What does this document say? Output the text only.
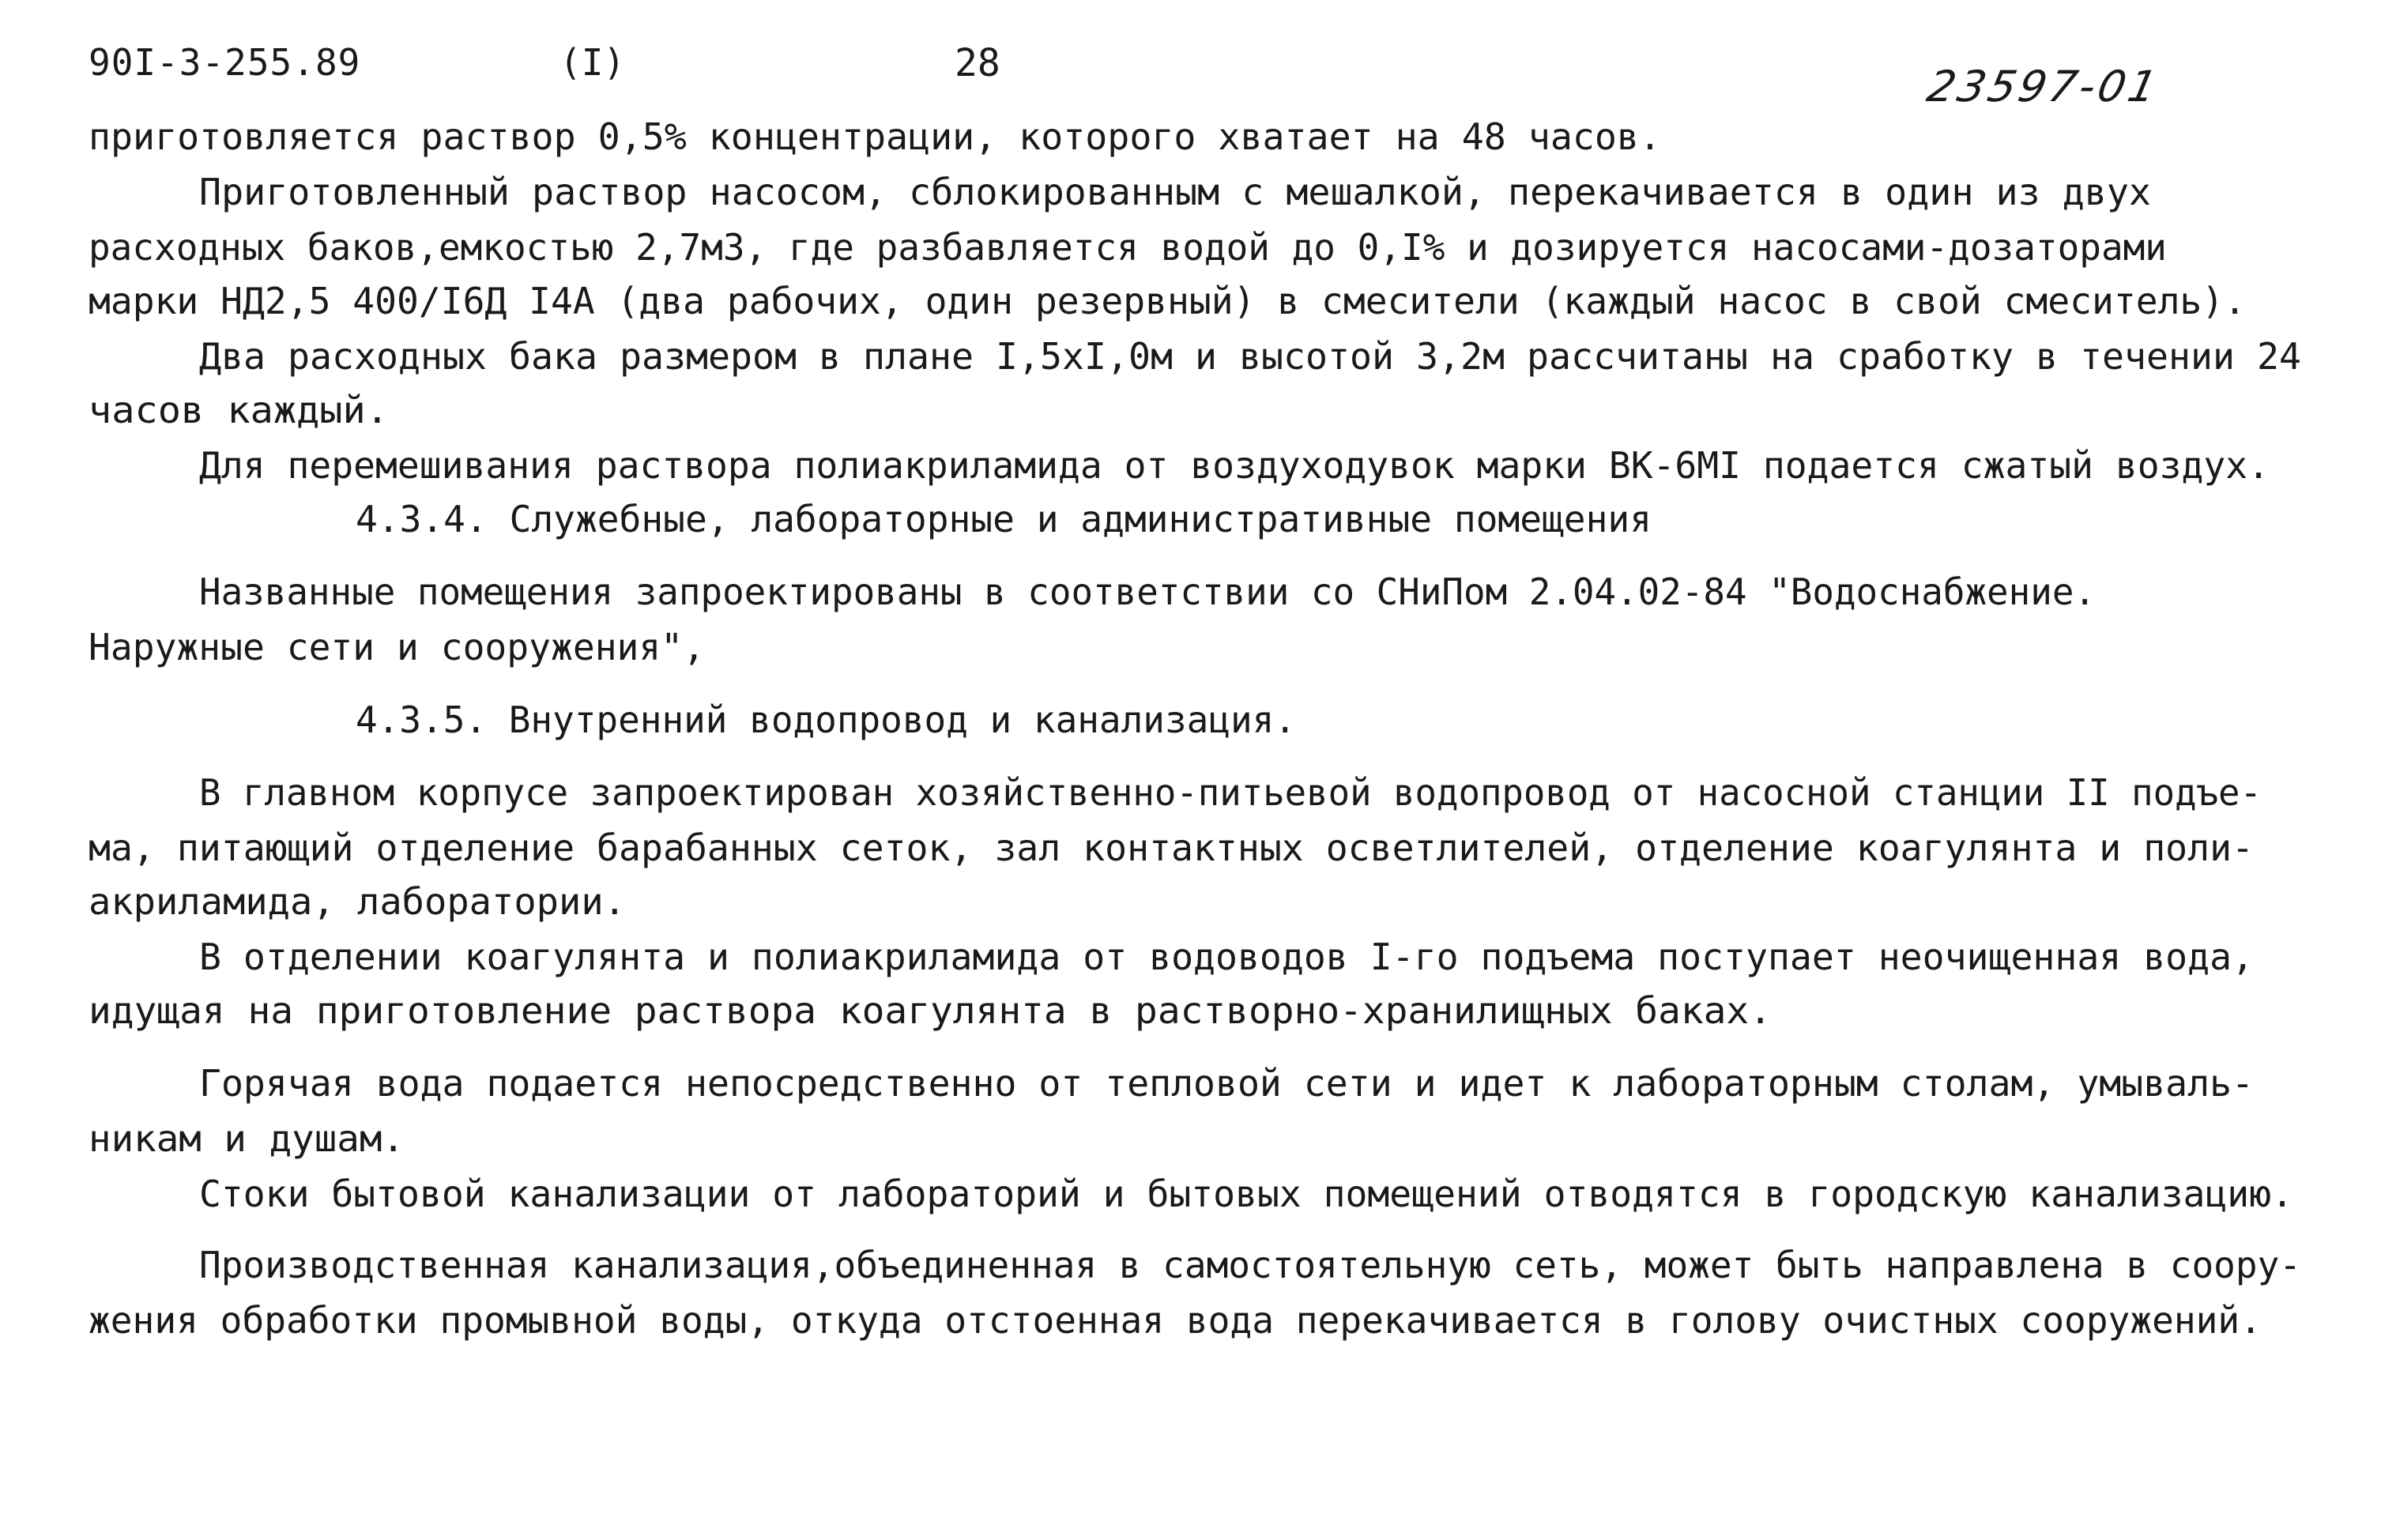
90I-3-255.89	(I)	28	23597-01
приготовляется раствор 0,5% концентрации, которого хватает на 48 часов.
Приготовленный раствор насосом, сблокированным с мешалкой, перекачивается в один из двух
расходных баков,емкостью 2,7м3, где разбавляется водой до 0,I% и дозируется насосами-дозаторами
марки НД2,5 400/I6Д I4А (два рабочих, один резервный) в смесители (каждый насос в свой смеситель).
Два расходных бака размером в плане I,5хI,0м и высотой 3,2м рассчитаны на сработку в течении 24
часов каждый.
Для перемешивания раствора полиакриламида от воздуходувок марки ВК-6МI подается сжатый воздух.
4.3.4. Служебные, лабораторные и административные помещения
Названные помещения запроектированы в соответствии со СНиПом 2.04.02-84 "Водоснабжение.
Наружные сети и сооружения",
4.3.5. Внутренний водопровод и канализация.
В главном корпусе запроектирован хозяйственно-питьевой водопровод от насосной станции II подъе-
ма, питающий отделение барабанных сеток, зал контактных осветлителей, отделение коагулянта и поли-
акриламида, лаборатории.
В отделении коагулянта и полиакриламида от водоводов I-го подъема поступает неочищенная вода,
идущая на приготовление раствора коагулянта в растворно-хранилищных баках.
Горячая вода подается непосредственно от тепловой сети и идет к лабораторным столам, умываль-
никам и душам.
Стоки бытовой канализации от лабораторий и бытовых помещений отводятся в городскую канализацию.
Производственная канализация,объединенная в самостоятельную сеть, может быть направлена в соору-
жения обработки промывной воды, откуда отстоенная вода перекачивается в голову очистных сооружений.
